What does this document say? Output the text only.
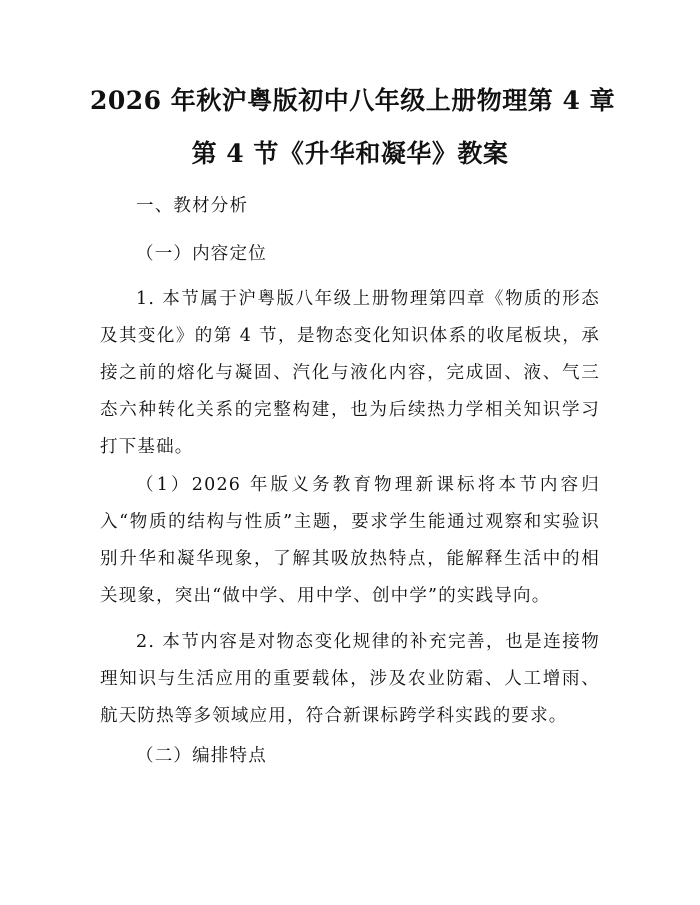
2026 年秋沪粤版初中八年级上册物理第 4 章
第 4 节《升华和凝华》教案
一、教材分析
（一）内容定位

1. 本节属于沪粤版八年级上册物理第四章《物质的形态及其变化》的第 4 节，是物态变化知识体系的收尾板块，承接之前的熔化与凝固、汽化与液化内容，完成固、液、气三态六种转化关系的完整构建，也为后续热力学相关知识学习打下基础。

（1）2026 年版义务教育物理新课标将本节内容归入“物质的结构与性质”主题，要求学生能通过观察和实验识别升华和凝华现象，了解其吸放热特点，能解释生活中的相关现象，突出“做中学、用中学、创中学”的实践导向。

2. 本节内容是对物态变化规律的补充完善，也是连接物理知识与生活应用的重要载体，涉及农业防霜、人工增雨、航天防热等多领域应用，符合新课标跨学科实践的要求。

（二）编排特点
